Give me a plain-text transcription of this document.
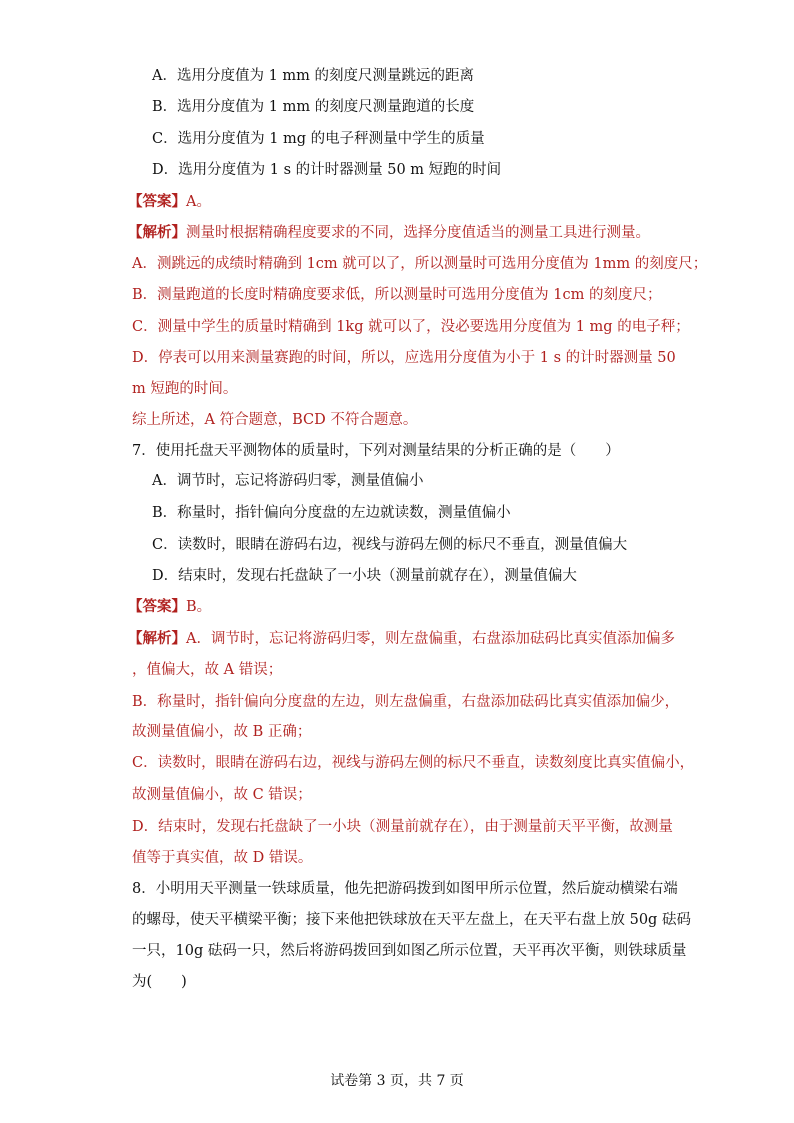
A．选用分度值为 1 mm 的刻度尺测量跳远的距离
B．选用分度值为 1 mm 的刻度尺测量跑道的长度
C．选用分度值为 1 mg 的电子秤测量中学生的质量
D．选用分度值为 1 s 的计时器测量 50 m 短跑的时间
【答案】A。
【解析】测量时根据精确程度要求的不同，选择分度值适当的测量工具进行测量。
A．测跳远的成绩时精确到 1cm 就可以了，所以测量时可选用分度值为 1mm 的刻度尺；
B．测量跑道的长度时精确度要求低，所以测量时可选用分度值为 1cm 的刻度尺；
C．测量中学生的质量时精确到 1kg 就可以了，没必要选用分度值为 1 mg 的电子秤；
D．停表可以用来测量赛跑的时间，所以，应选用分度值为小于 1 s 的计时器测量 50
m 短跑的时间。
综上所述，A 符合题意，BCD 不符合题意。
7．使用托盘天平测物体的质量时，下列对测量结果的分析正确的是（　　）
A．调节时，忘记将游码归零，测量值偏小
B．称量时，指针偏向分度盘的左边就读数，测量值偏小
C．读数时，眼睛在游码右边，视线与游码左侧的标尺不垂直，测量值偏大
D．结束时，发现右托盘缺了一小块（测量前就存在），测量值偏大
【答案】B。
【解析】A．调节时，忘记将游码归零，则左盘偏重，右盘添加砝码比真实值添加偏多
，值偏大，故 A 错误；
B．称量时，指针偏向分度盘的左边，则左盘偏重，右盘添加砝码比真实值添加偏少，
故测量值偏小，故 B 正确；
C．读数时，眼睛在游码右边，视线与游码左侧的标尺不垂直，读数刻度比真实值偏小，
故测量值偏小，故 C 错误；
D．结束时，发现右托盘缺了一小块（测量前就存在），由于测量前天平平衡，故测量
值等于真实值，故 D 错误。
8．小明用天平测量一铁球质量，他先把游码拨到如图甲所示位置，然后旋动横梁右端
的螺母，使天平横梁平衡；接下来他把铁球放在天平左盘上，在天平右盘上放 50g 砝码
一只，10g 砝码一只，然后将游码拨回到如图乙所示位置，天平再次平衡，则铁球质量
为(　　)
试卷第 3 页，共 7 页
